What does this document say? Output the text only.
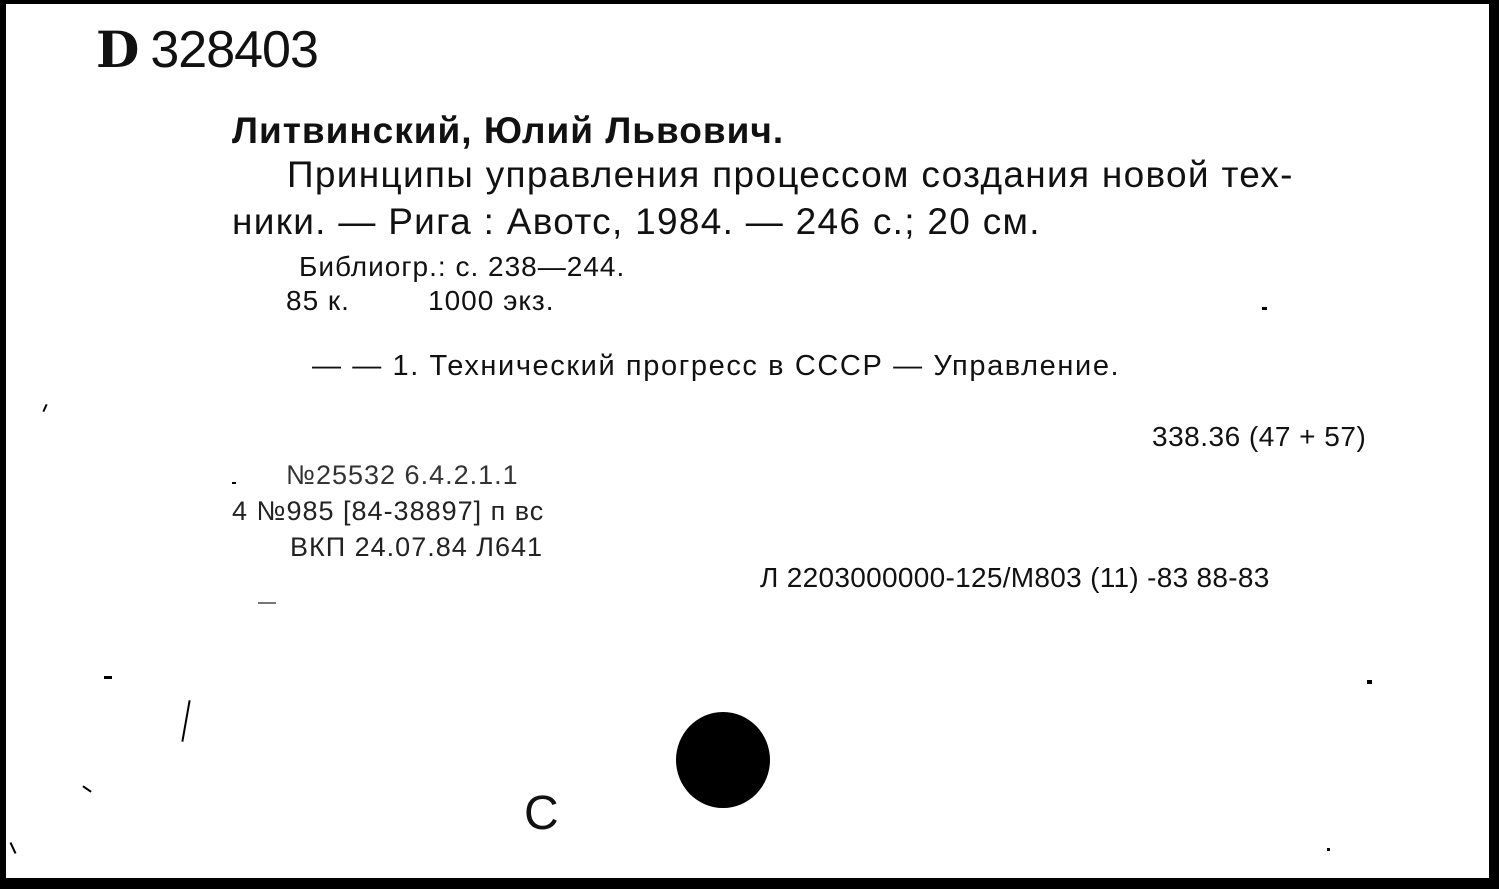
D 328403
Литвинский, Юлий Львович.
Принципы управления процессом создания новой тех-
ники. — Рига : Авотс, 1984. — 246 с.; 20 см.
Библиогр.: с. 238—244.
85 к.	1000 экз.
— — 1. Технический прогресс в СССР — Управление.
338.36 (47 + 57)
№25532 6.4.2.1.1
4 №985 [84-38897] п вс
ВКП 24.07.84 Л641
Л 2203000000-125/М803 (11) -83 88-83
С
